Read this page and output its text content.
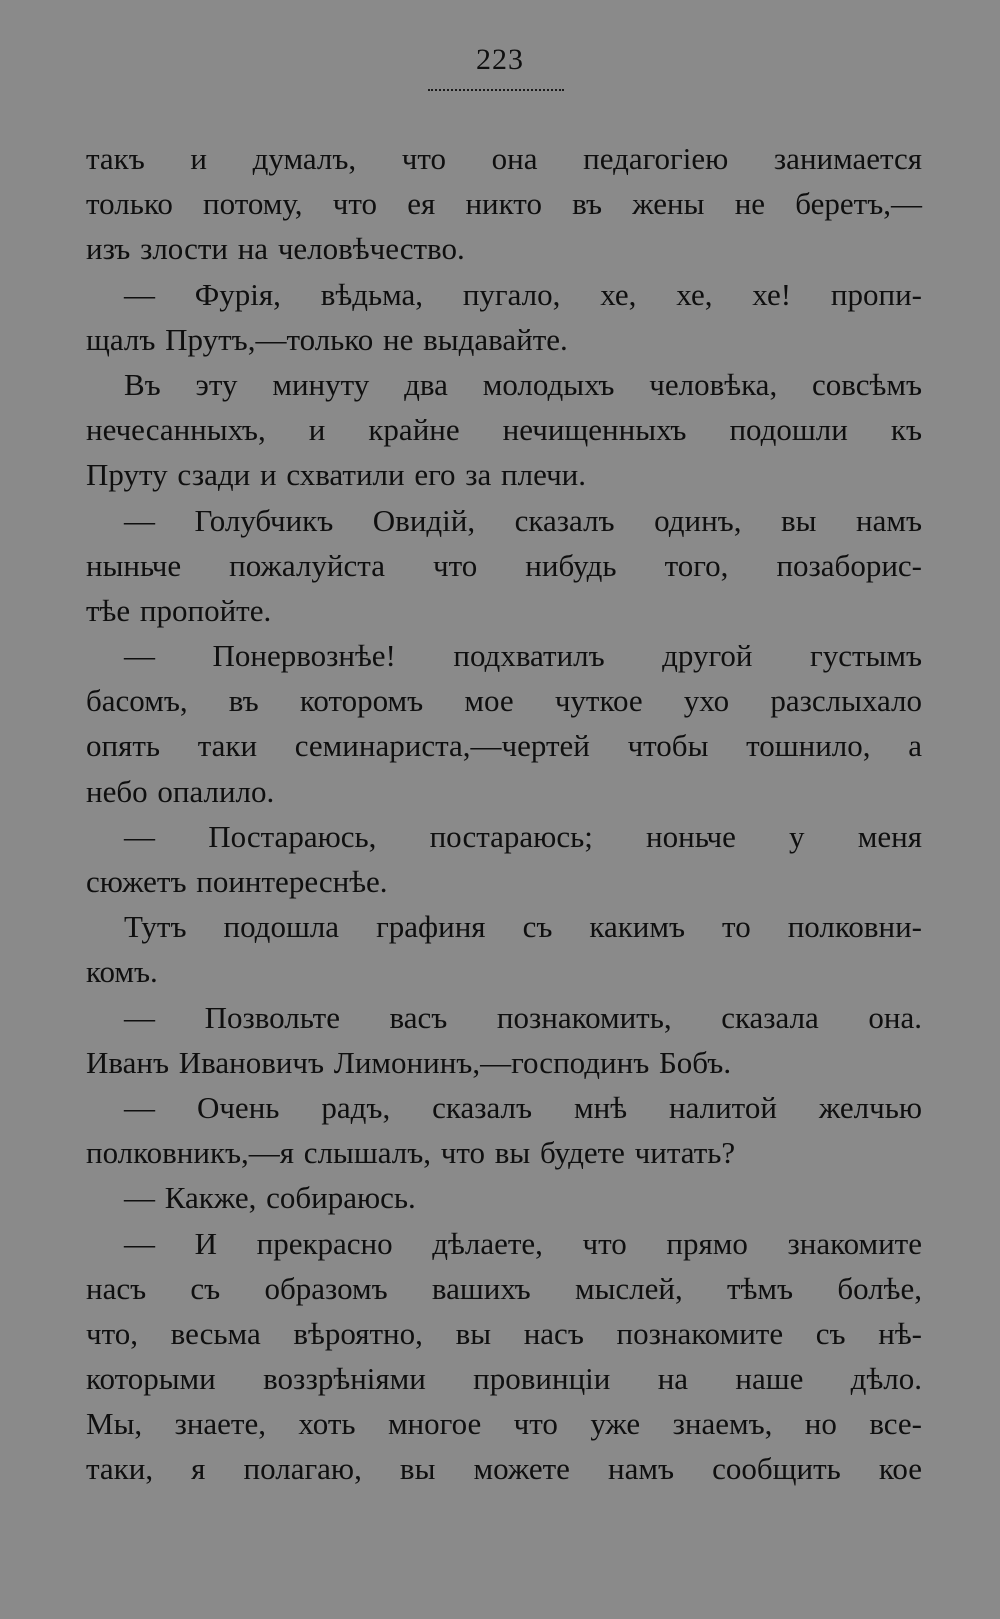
223
такъ и думалъ, что она педагогіею занимается
только потому, что ея никто въ жены не беретъ,—
изъ злости на человѣчество.
— Фурія, вѣдьма, пугало, хе, хе, хе! пропи-
щалъ Прутъ,—только не выдавайте.
Въ эту минуту два молодыхъ человѣка, совсѣмъ
нечесанныхъ, и крайне нечищенныхъ подошли къ
Пруту сзади и схватили его за плечи.
— Голубчикъ Овидій, сказалъ одинъ, вы намъ
ныньче пожалуйста что нибудь того, позаборис-
тѣе пропойте.
— Понервознѣе! подхватилъ другой густымъ
басомъ, въ которомъ мое чуткое ухо разслыхало
опять таки семинариста,—чертей чтобы тошнило, а
небо опалило.
— Постараюсь, постараюсь; ноньче у меня
сюжетъ поинтереснѣе.
Тутъ подошла графиня съ какимъ то полковни-
комъ.
— Позвольте васъ познакомить, сказала она.
Иванъ Ивановичъ Лимонинъ,—господинъ Бобъ.
— Очень радъ, сказалъ мнѣ налитой желчью
полковникъ,—я слышалъ, что вы будете читать?
— Какже, собираюсь.
— И прекрасно дѣлаете, что прямо знакомите
насъ съ образомъ вашихъ мыслей, тѣмъ болѣе,
что, весьма вѣроятно, вы насъ познакомите съ нѣ-
которыми воззрѣніями провинціи на наше дѣло.
Мы, знаете, хоть многое что уже знаемъ, но все-
таки, я полагаю, вы можете намъ сообщить кое
